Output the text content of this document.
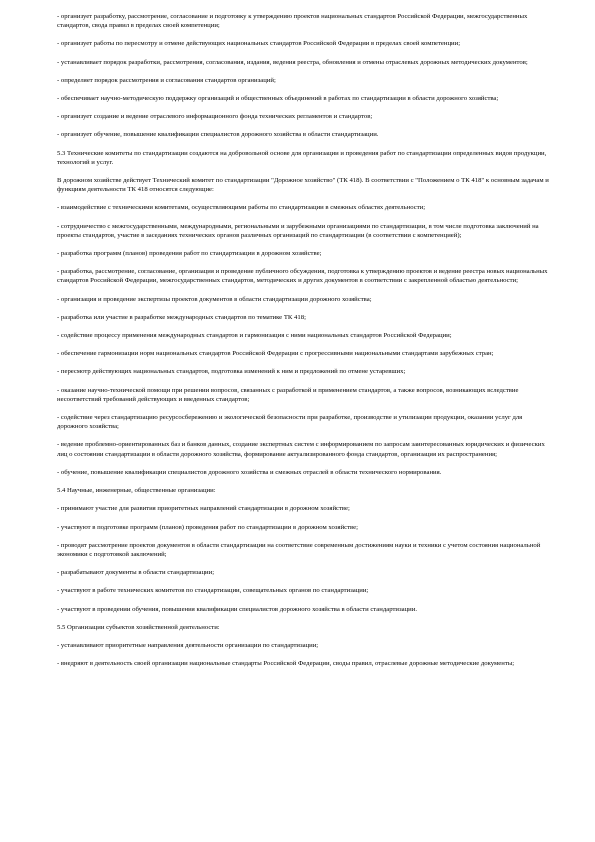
- организует разработку, рассмотрение, согласование и подготовку к утверждению проектов национальных стандартов Российской Федерации, межгосударственных стандартов, свода правил в пределах своей компетенции;

- организует работы по пересмотру и отмене действующих национальных стандартов Российской Федерации в пределах своей компетенции;

- устанавливает порядок разработки, рассмотрения, согласования, издания, ведения реестра, обновления и отмены отраслевых дорожных методических документов;

- определяет порядок рассмотрения и согласования стандартов организаций;

- обеспечивает научно-методическую поддержку организаций и общественных объединений в работах по стандартизации в области дорожного хозяйства;

- организует создание и ведение отраслевого информационного фонда технических регламентов и стандартов;

- организует обучение, повышение квалификации специалистов дорожного хозяйства в области стандартизации.

5.3 Технические комитеты по стандартизации создаются на добровольной основе для организации и проведения работ по стандартизации определенных видов продукции, технологий и услуг.

В дорожном хозяйстве действует Технический комитет по стандартизации "Дорожное хозяйство" (ТК 418). В соответствии с "Положением о ТК 418" к основным задачам и функциям деятельности ТК 418 относятся следующие:

- взаимодействие с техническими комитетами, осуществляющими работы по стандартизации в смежных областях деятельности;

- сотрудничество с межгосударственными, международными, региональными и зарубежными организациями по стандартизации, в том числе подготовка заключений на проекты стандартов, участие в заседаниях технических органов различных организаций по стандартизации (в соответствии с компетенцией);

- разработка программ (планов) проведения работ по стандартизации в дорожном хозяйстве;

- разработка, рассмотрение, согласование, организация и проведение публичного обсуждения, подготовка к утверждению проектов и ведение реестра новых национальных стандартов Российской Федерации, межгосударственных стандартов, методических и других документов в соответствии с закрепленной областью деятельности;

- организация и проведение экспертизы проектов документов в области стандартизации дорожного хозяйства;

- разработка или участие в разработке международных стандартов по тематике ТК 418;

- содействие процессу применения международных стандартов и гармонизация с ними национальных стандартов Российской Федерации;

- обеспечение гармонизации норм национальных стандартов Российской Федерации с прогрессивными национальными стандартами зарубежных стран;

- пересмотр действующих национальных стандартов, подготовка изменений к ним и предложений по отмене устаревших;

- оказание научно-технической помощи при решении вопросов, связанных с разработкой и применением стандартов, а также вопросов, возникающих вследствие несоответствий требований действующих и введенных стандартов;

- содействие через стандартизацию ресурсосбережению и экологической безопасности при разработке, производстве и утилизации продукции, оказании услуг для дорожного хозяйства;

- ведение проблемно-ориентированных баз и банков данных, создание экспертных систем с информированием по запросам заинтересованных юридических и физических лиц о состоянии стандартизации в области дорожного хозяйства, формирование актуализированного фонда стандартов, организация их распространения;

- обучение, повышение квалификации специалистов дорожного хозяйства и смежных отраслей в области технического нормирования.

5.4 Научные, инженерные, общественные организации:

- принимают участие для развития приоритетных направлений стандартизации в дорожном хозяйстве;

- участвуют в подготовке программ (планов) проведения работ по стандартизации в дорожном хозяйстве;

- проводят рассмотрение проектов документов в области стандартизации на соответствие современным достижениям науки и техники с учетом состояния национальной экономики с подготовкой заключений;

- разрабатывают документы в области стандартизации;

- участвуют в работе технических комитетов по стандартизации, совещательных органов по стандартизации;

- участвуют в проведении обучения, повышения квалификации специалистов дорожного хозяйства в области стандартизации.

5.5 Организации субъектов хозяйственной деятельности:

- устанавливают приоритетные направления деятельности организации по стандартизации;

- внедряют в деятельность своей организации национальные стандарты Российской Федерации, своды правил, отраслевые дорожные методические документы;
